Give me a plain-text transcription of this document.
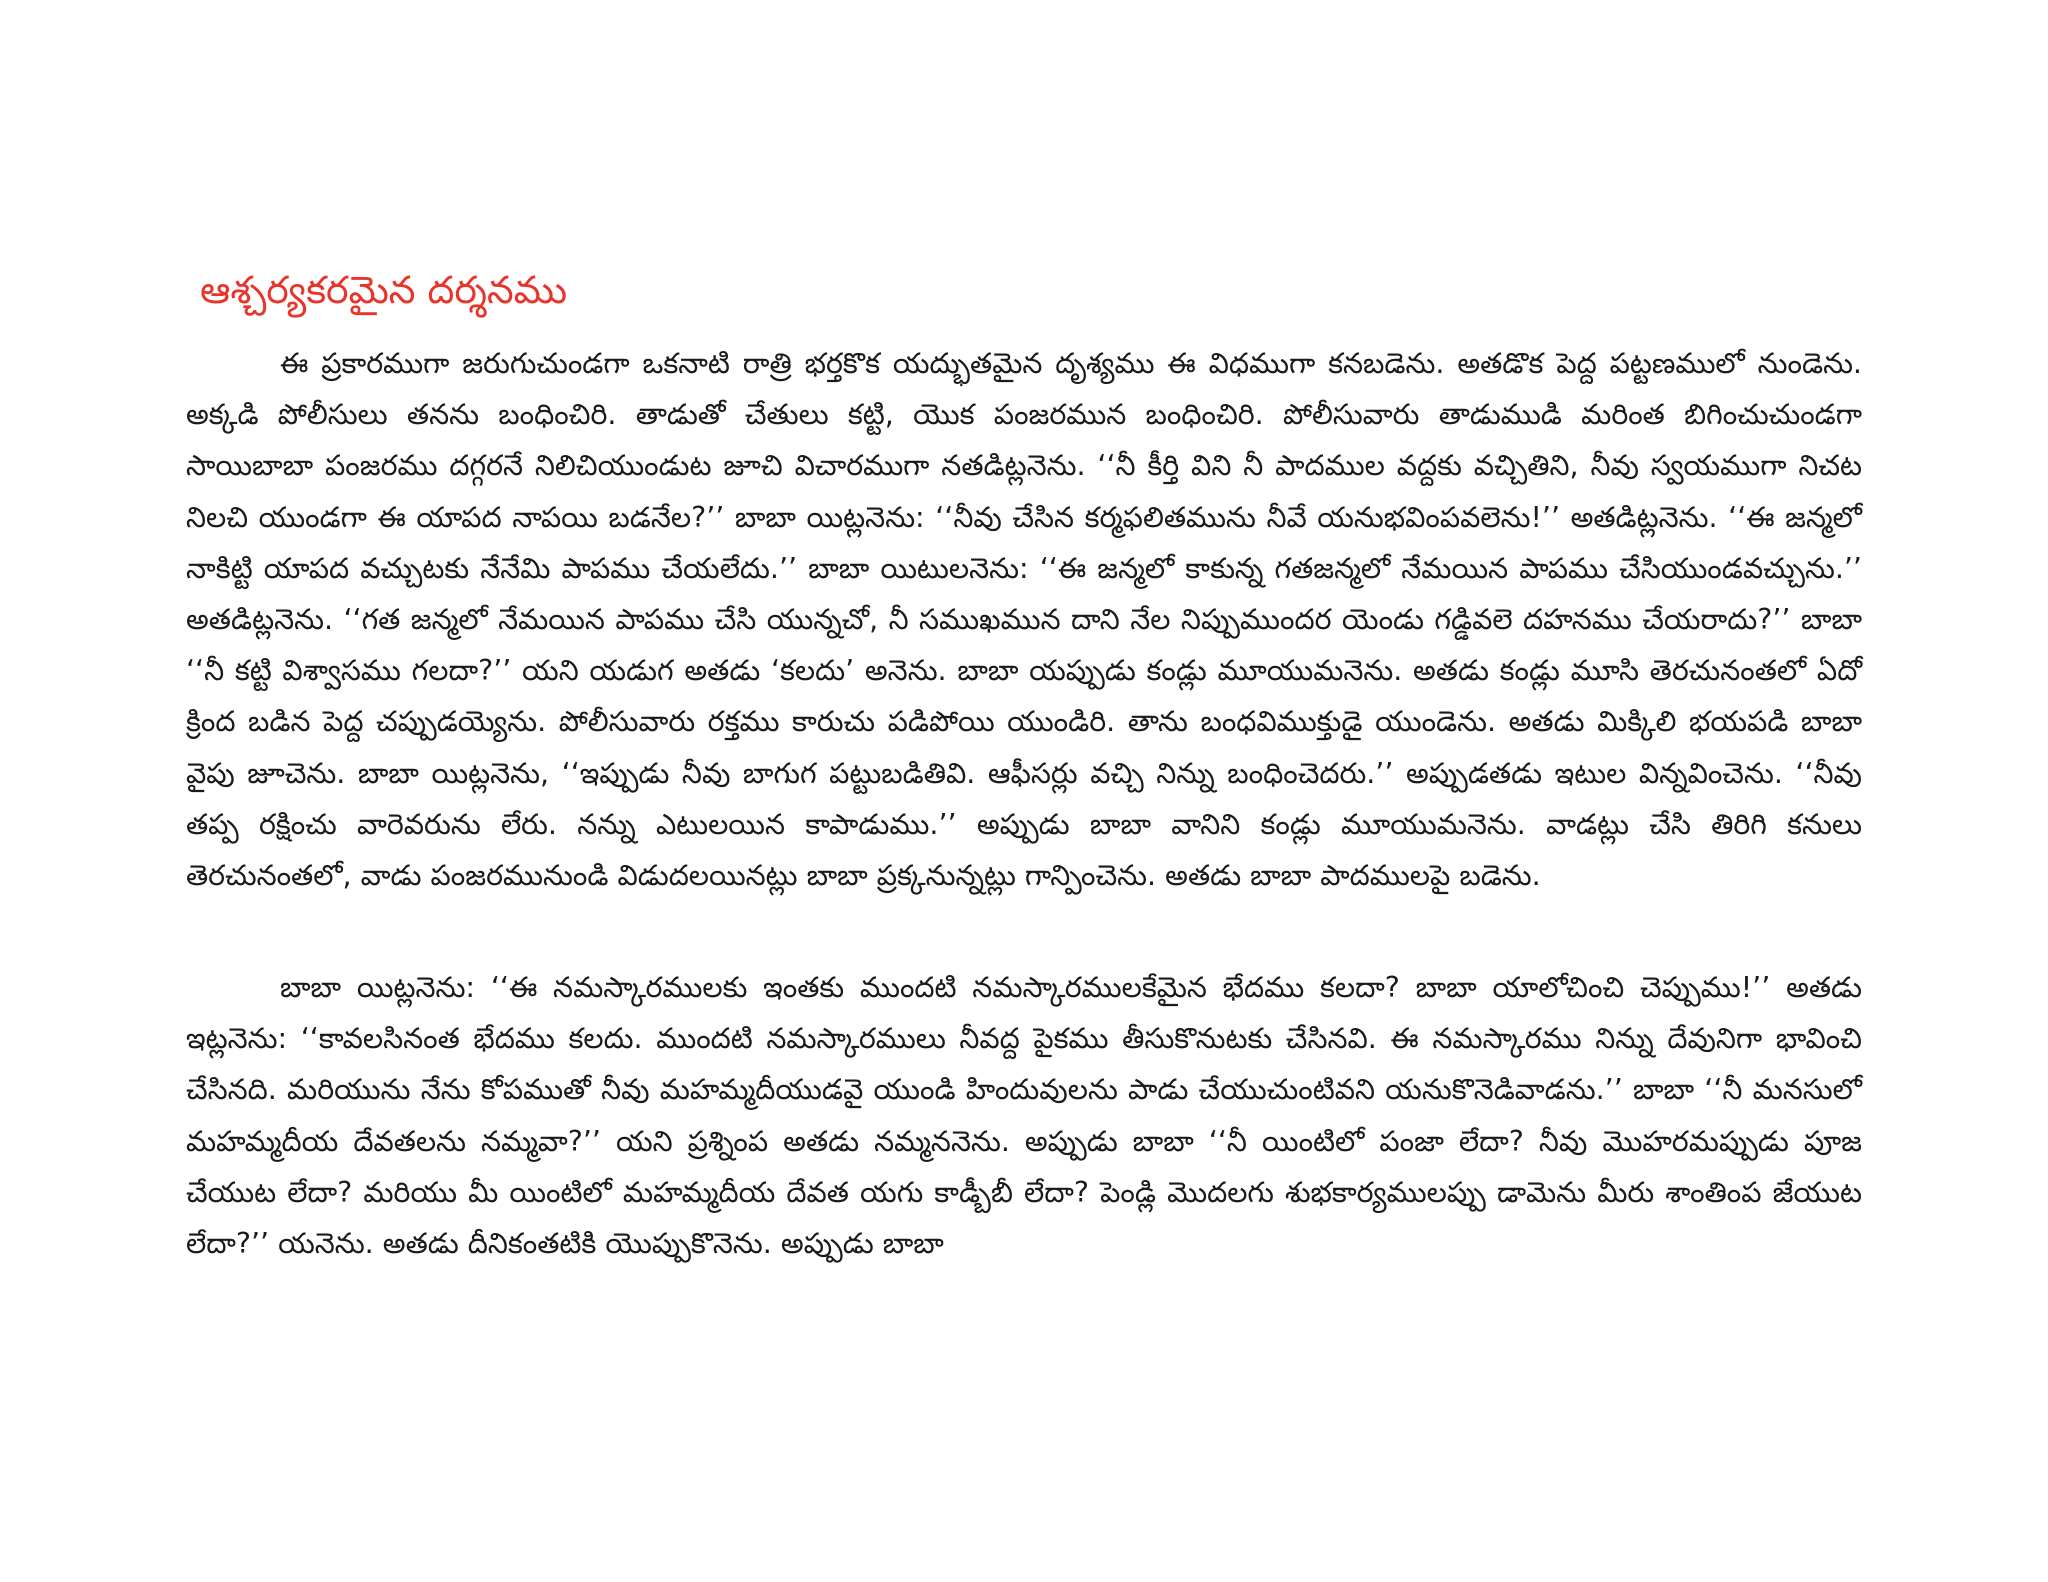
ఆశ్చర్యకరమైన దర్శనము

ఈ ప్రకారముగా జరుగుచుండగా ఒకనాటి రాత్రి భర్తకొక యద్భుతమైన దృశ్యము ఈ విధముగా కనబడెను. అతడొక పెద్ద పట్టణములో నుండెను. అక్కడి పోలీసులు తనను బంధించిరి. తాడుతో చేతులు కట్టి, యొక పంజరమున బంధించిరి. పోలీసువారు తాడుముడి మరింత బిగించుచుండగా సాయిబాబా పంజరము దగ్గరనే నిలిచియుండుట జూచి విచారముగా నతడిట్లనెను. ‘‘నీ కీర్తి విని నీ పాదముల వద్దకు వచ్చితిని, నీవు స్వయముగా నిచట నిలచి యుండగా ఈ యాపద నాపయి బడనేల?’’ బాబా యిట్లనెను: ‘‘నీవు చేసిన కర్మఫలితమును నీవే యనుభవింపవలెను!’’ అతడిట్లనెను. ‘‘ఈ జన్మలో నాకిట్టి యాపద వచ్చుటకు నేనేమి పాపము చేయలేదు.’’ బాబా యిటులనెను: ‘‘ఈ జన్మలో కాకున్న గతజన్మలో నేమయిన పాపము చేసియుండవచ్చును.’’ అతడిట్లనెను. ‘‘గత జన్మలో నేమయిన పాపము చేసి యున్నచో, నీ సముఖమున దాని నేల నిప్పుముందర యెండు గడ్డివలె దహనము చేయరాదు?’’ బాబా ‘‘నీ కట్టి విశ్వాసము గలదా?’’ యని యడుగ అతడు ‘కలదు’ అనెను. బాబా యప్పుడు కండ్లు మూయుమనెను. అతడు కండ్లు మూసి తెరచునంతలో ఏదో క్రింద బడిన పెద్ద చప్పుడయ్యెను. పోలీసువారు రక్తము కారుచు పడిపోయి యుండిరి. తాను బంధవిముక్తుడై యుండెను. అతడు మిక్కిలి భయపడి బాబా వైపు జూచెను. బాబా యిట్లనెను, ‘‘ఇప్పుడు నీవు బాగుగ పట్టుబడితివి. ఆఫీసర్లు వచ్చి నిన్ను బంధించెదరు.’’ అప్పుడతడు ఇటుల విన్నవించెను. ‘‘నీవు తప్ప రక్షించు వారెవరును లేరు. నన్ను ఎటులయిన కాపాడుము.’’ అప్పుడు బాబా వానిని కండ్లు మూయుమనెను. వాడట్లు చేసి తిరిగి కనులు తెరచునంతలో, వాడు పంజరమునుండి విడుదలయినట్లు బాబా ప్రక్కనున్నట్లు గాన్పించెను. అతడు బాబా పాదములపై బడెను.

బాబా యిట్లనెను: ‘‘ఈ నమస్కారములకు ఇంతకు ముందటి నమస్కారములకేమైన భేదము కలదా? బాబా యాలోచించి చెప్పుము!’’ అతడు ఇట్లనెను: ‘‘కావలసినంత భేదము కలదు. ముందటి నమస్కారములు నీవద్ద పైకము తీసుకొనుటకు చేసినవి. ఈ నమస్కారము నిన్ను దేవునిగా భావించి చేసినది. మరియును నేను కోపముతో నీవు మహమ్మదీయుడవై యుండి హిందువులను పాడు చేయుచుంటివని యనుకొనెడివాడను.’’ బాబా ‘‘నీ మనసులో మహమ్మదీయ దేవతలను నమ్మవా?’’ యని ప్రశ్నింప అతడు నమ్మననెను. అప్పుడు బాబా ‘‘నీ యింటిలో పంజా లేదా? నీవు మొహరమప్పుడు పూజ చేయుట లేదా? మరియు మీ యింటిలో మహమ్మదీయ దేవత యగు కాడ్బీబీ లేదా? పెండ్లి మొదలగు శుభకార్యములప్పు డామెను మీరు శాంతింప జేయుట లేదా?’’ యనెను. అతడు దీనికంతటికి యొప్పుకొనెను. అప్పుడు బాబా
